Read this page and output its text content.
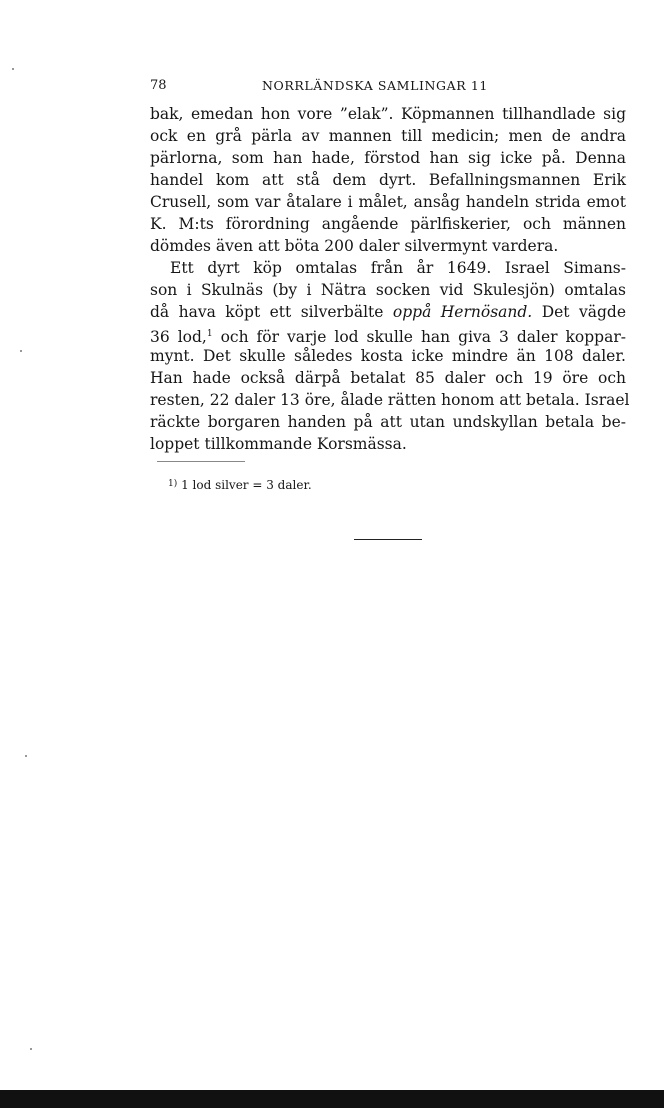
78	NORRLÄNDSKA SAMLINGAR 11
bak, emedan hon vore ”elak”. Köpmannen tillhandlade sig
ock en grå pärla av mannen till medicin; men de andra
pärlorna, som han hade, förstod han sig icke på. Denna
handel kom att stå dem dyrt. Befallningsmannen Erik
Crusell, som var åtalare i målet, ansåg handeln strida emot
K. M:ts förordning angående pärlfiskerier, och männen
dömdes även att böta 200 daler silvermynt vardera.
Ett dyrt köp omtalas från år 1649. Israel Simans-
son i Skulnäs (by i Nätra socken vid Skulesjön) omtalas
då hava köpt ett silverbälte oppå Hernösand. Det vägde
36 lod,$^1$ och för varje lod skulle han giva 3 daler koppar-
mynt. Det skulle således kosta icke mindre än 108 daler.
Han hade också därpå betalat 85 daler och 19 öre och
resten, 22 daler 13 öre, ålade rätten honom att betala. Israel
räckte borgaren handen på att utan undskyllan betala be-
loppet tillkommande Korsmässa.
$^{1)}$ 1 lod silver = 3 daler.
